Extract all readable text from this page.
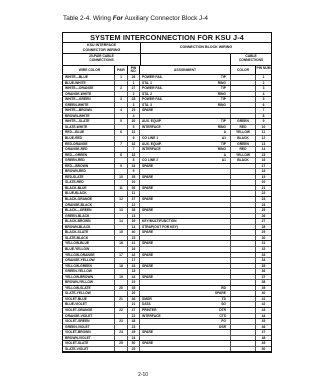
Table 2-4. Wiring For Auxiliary Connector Block J-4
SYSTEM INTERCONNECTION FOR KSU J-4
KSU INTERFACE
CONNECTOR WIRING
CONNECTION BLOCK WIRING
25-PAIR CABLE
CONNECTIONS
CABLE
CONNECTIONS
WIRE COLOR	PAIR
PIN NO.	ASSIGNMENT	COLOR
PIN NUM
WHITE—BLUE	1	26	POWER FAIL	TIP	1
BLUE-WHITE	1	STA. 1	RING	2
WHITE—ORANGE	2	27	POWER FAIL	TIP	3
ORANGE-WHITE	2	STA. 2	RING	4
WHITE—GREEN	3	28	POWER FAIL	TIP	5
GREEN-WHITE	3	STA. 3	RING	6
WHITE—BROWN	4	29	SPARE	7
BROWN-WHITE	4	8
WHITE—SLATE	5	30	AUX. EQUIP.	TIP	GREEN	9
SLATE-WHITE	5	INTERFACE	RING	RED	10
RED—BLUE	6	31	A	YELLOW	11
BLUE-RED	6	CO LINE 1	A1	BLACK	12
RED-ORANGE	7	32	AUX. EQUIP.	TIP	GREEN	13
ORANGE-RED	7	INTERFACE	RING	RED	14
RED—GREEN	8	33	A	YELLOW	15
GREEN-RED	8	CO LINE 2	A1	BLACK	16
RED—BROWN	9	34	SPARE	17
BROWN-RED	9	18
RED-SLATE	10	35	SPARE	19
SLATE-RED	10	20
BLACK-BLUE	11	36	SPARE	21
BLUE-BLACK	11	22
BLACK-ORANGE	12	37	SPARE	23
ORANGE-BLACK	12	24
BLACK—GREEN	13	38	SPARE	25
GREEN-BLACK	13	26
BLACK-BROWN	14	39	KEY/MULTIFUNCTION	27
BROWN-BLACK	14	STRAP(OUT FOR KEY)	28
BLACK-SLATE	15	40	SPARE	29
SLATE-BLACK	15	30
YELLOW-BLUE	16	41	SPARE	31
BLUE-YELLOW	16	32
YELLOW-ORANGE	17	42	SPARE	33
ORANGE-YELLOW	17	34
YELLOW-GREEN	18	43	SPARE	35
GREEN-YELLOW	18	36
YELLOW-BROWN	19	44	SPARE	37
BROWN-YELLOW	19	38
YELLOW-SLATE	20	45	RD	39
SLATE-YELLOW	20	SPARE	40
VIOLET-BLUE	21	46	SMDR	TD	41
BLUE-VIOLET	21	DATA	SG	42
VIOLET-ORANGE	22	47	PRINTER	DTR	43
ORANGE-VIOLET	22	INTERFACE	CTS	44
VIOLET-GREEN	23	48	FG	45
GREEN-VIOLET	23	DSR	46
VIOLET-BROWN	24	49	SPARE	47
BROWN-VIOLET	24	48
VIOLET-SLATE	25	50	SPARE	49
SLATE-VIOLET	25	50
2-10
